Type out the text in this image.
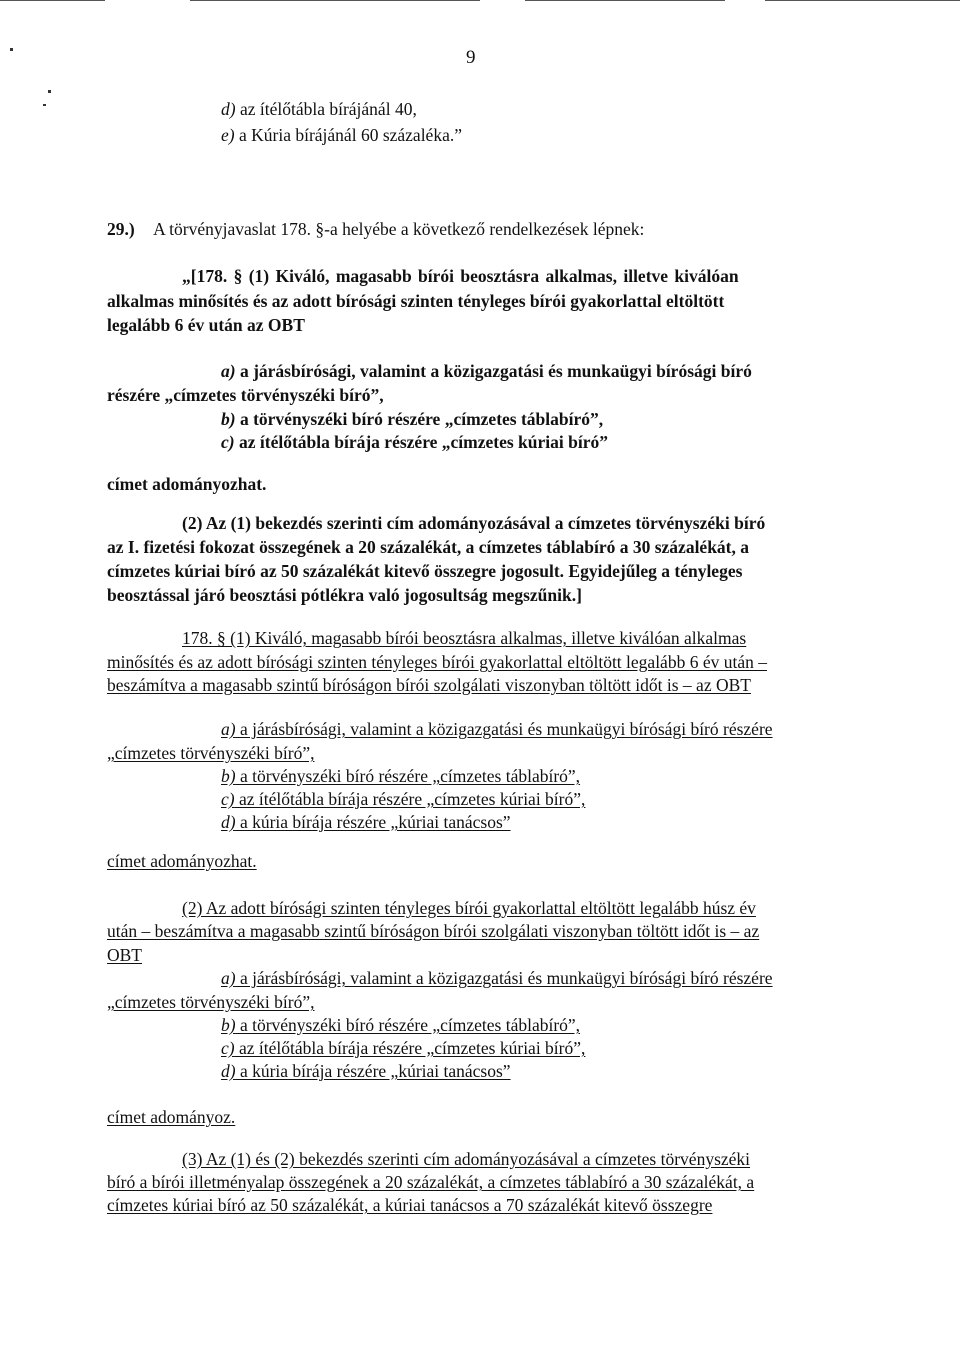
9
d) az ítélőtábla bírájánál 40,
e) a Kúria bírájánál 60 százaléka.”
29.) A törvényjavaslat 178. §-a helyébe a következő rendelkezések lépnek:
„[178. § (1) Kiváló, magasabb bírói beosztásra alkalmas, illetve kiválóan
alkalmas minősítés és az adott bírósági szinten tényleges bírói gyakorlattal eltöltött
legalább 6 év után az OBT
a) a járásbírósági, valamint a közigazgatási és munkaügyi bírósági bíró
részére „címzetes törvényszéki bíró”,
b) a törvényszéki bíró részére „címzetes táblabíró”,
c) az ítélőtábla bírája részére „címzetes kúriai bíró”
címet adományozhat.
(2) Az (1) bekezdés szerinti cím adományozásával a címzetes törvényszéki bíró
az I. fizetési fokozat összegének a 20 százalékát, a címzetes táblabíró a 30 százalékát, a
címzetes kúriai bíró az 50 százalékát kitevő összegre jogosult. Egyidejűleg a tényleges
beosztással járó beosztási pótlékra való jogosultság megszűnik.]
178. § (1) Kiváló, magasabb bírói beosztásra alkalmas, illetve kiválóan alkalmas
minősítés és az adott bírósági szinten tényleges bírói gyakorlattal eltöltött legalább 6 év után –
beszámítva a magasabb szintű bíróságon bírói szolgálati viszonyban töltött időt is – az OBT
a) a járásbírósági, valamint a közigazgatási és munkaügyi bírósági bíró részére
„címzetes törvényszéki bíró”,
b) a törvényszéki bíró részére „címzetes táblabíró”,
c) az ítélőtábla bírája részére „címzetes kúriai bíró”,
d) a kúria bírája részére „kúriai tanácsos”
címet adományozhat.
(2) Az adott bírósági szinten tényleges bírói gyakorlattal eltöltött legalább húsz év
után – beszámítva a magasabb szintű bíróságon bírói szolgálati viszonyban töltött időt is – az
OBT
a) a járásbírósági, valamint a közigazgatási és munkaügyi bírósági bíró részére
„címzetes törvényszéki bíró”,
b) a törvényszéki bíró részére „címzetes táblabíró”,
c) az ítélőtábla bírája részére „címzetes kúriai bíró”,
d) a kúria bírája részére „kúriai tanácsos”
címet adományoz.
(3) Az (1) és (2) bekezdés szerinti cím adományozásával a címzetes törvényszéki
bíró a bírói illetményalap összegének a 20 százalékát, a címzetes táblabíró a 30 százalékát, a
címzetes kúriai bíró az 50 százalékát, a kúriai tanácsos a 70 százalékát kitevő összegre
